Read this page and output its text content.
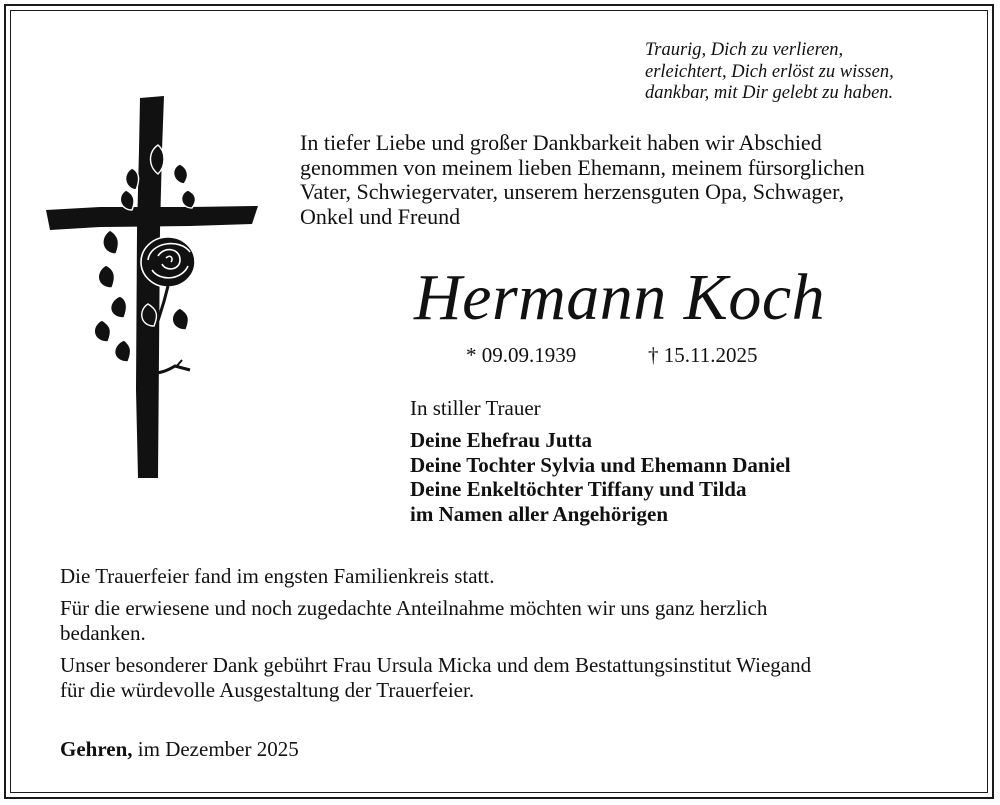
Traurig, Dich zu verlieren,
erleichtert, Dich erlöst zu wissen,
dankbar, mit Dir gelebt zu haben.
In tiefer Liebe und großer Dankbarkeit haben wir Abschied
genommen von meinem lieben Ehemann, meinem fürsorglichen
Vater, Schwiegervater, unserem herzensguten Opa, Schwager,
Onkel und Freund
Hermann Koch
* 09.09.1939	† 15.11.2025
In stiller Trauer
Deine Ehefrau Jutta
Deine Tochter Sylvia und Ehemann Daniel
Deine Enkeltöchter Tiffany und Tilda
im Namen aller Angehörigen
Die Trauerfeier fand im engsten Familienkreis statt.
Für die erwiesene und noch zugedachte Anteilnahme möchten wir uns ganz herzlich
bedanken.
Unser besonderer Dank gebührt Frau Ursula Micka und dem Bestattungsinstitut Wiegand
für die würdevolle Ausgestaltung der Trauerfeier.
Gehren, im Dezember 2025
